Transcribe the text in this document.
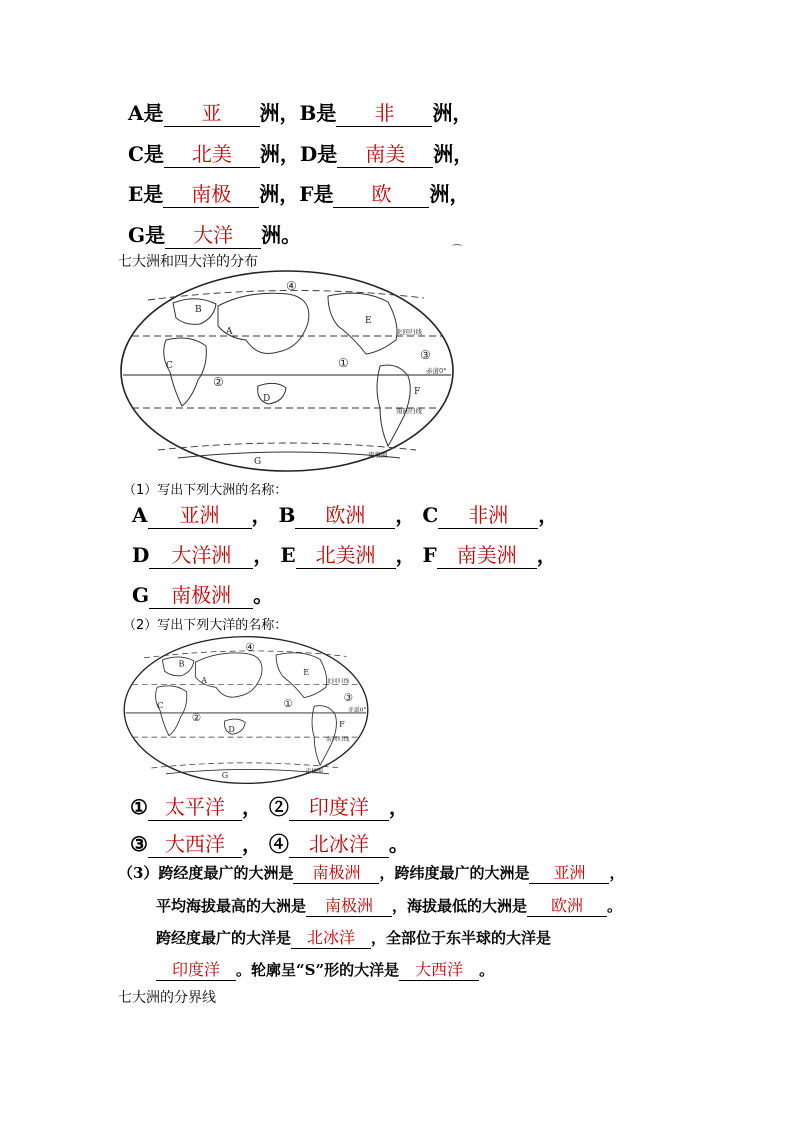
A是 亚 洲，B是 非 洲，
C是 北美 洲，D是 南美 洲，
E是 南极 洲，F是 欧 洲，
G是 大洋 洲。
七大洲和四大洋的分布
A
B
C
D
E
F
G
①
②
③
④
北回归线
南回归线
南极圈
赤道0°
（1）写出下列大洲的名称：
A 亚洲 ， B 欧洲 ， C 非洲 ，
D 大洋洲 ， E 北美洲 ， F 南美洲 ，
G 南极洲 。
（2）写出下列大洋的名称：
A
B
C
D
E
F
G
①
②
③
④
北回归线
南回归线
南极圈
赤道0°
① 太平洋 ， ② 印度洋 ，
③ 大西洋 ， ④ 北冰洋 。
（3）跨经度最广的大洲是 南极洲 ，跨纬度最广的大洲是 亚洲 ，
平均海拔最高的大洲是 南极洲 ，海拔最低的大洲是 欧洲 。
跨经度最广的大洋是 北冰洋 ，全部位于东半球的大洋是
印度洋 。轮廓呈“S”形的大洋是 大西洋 。
七大洲的分界线
